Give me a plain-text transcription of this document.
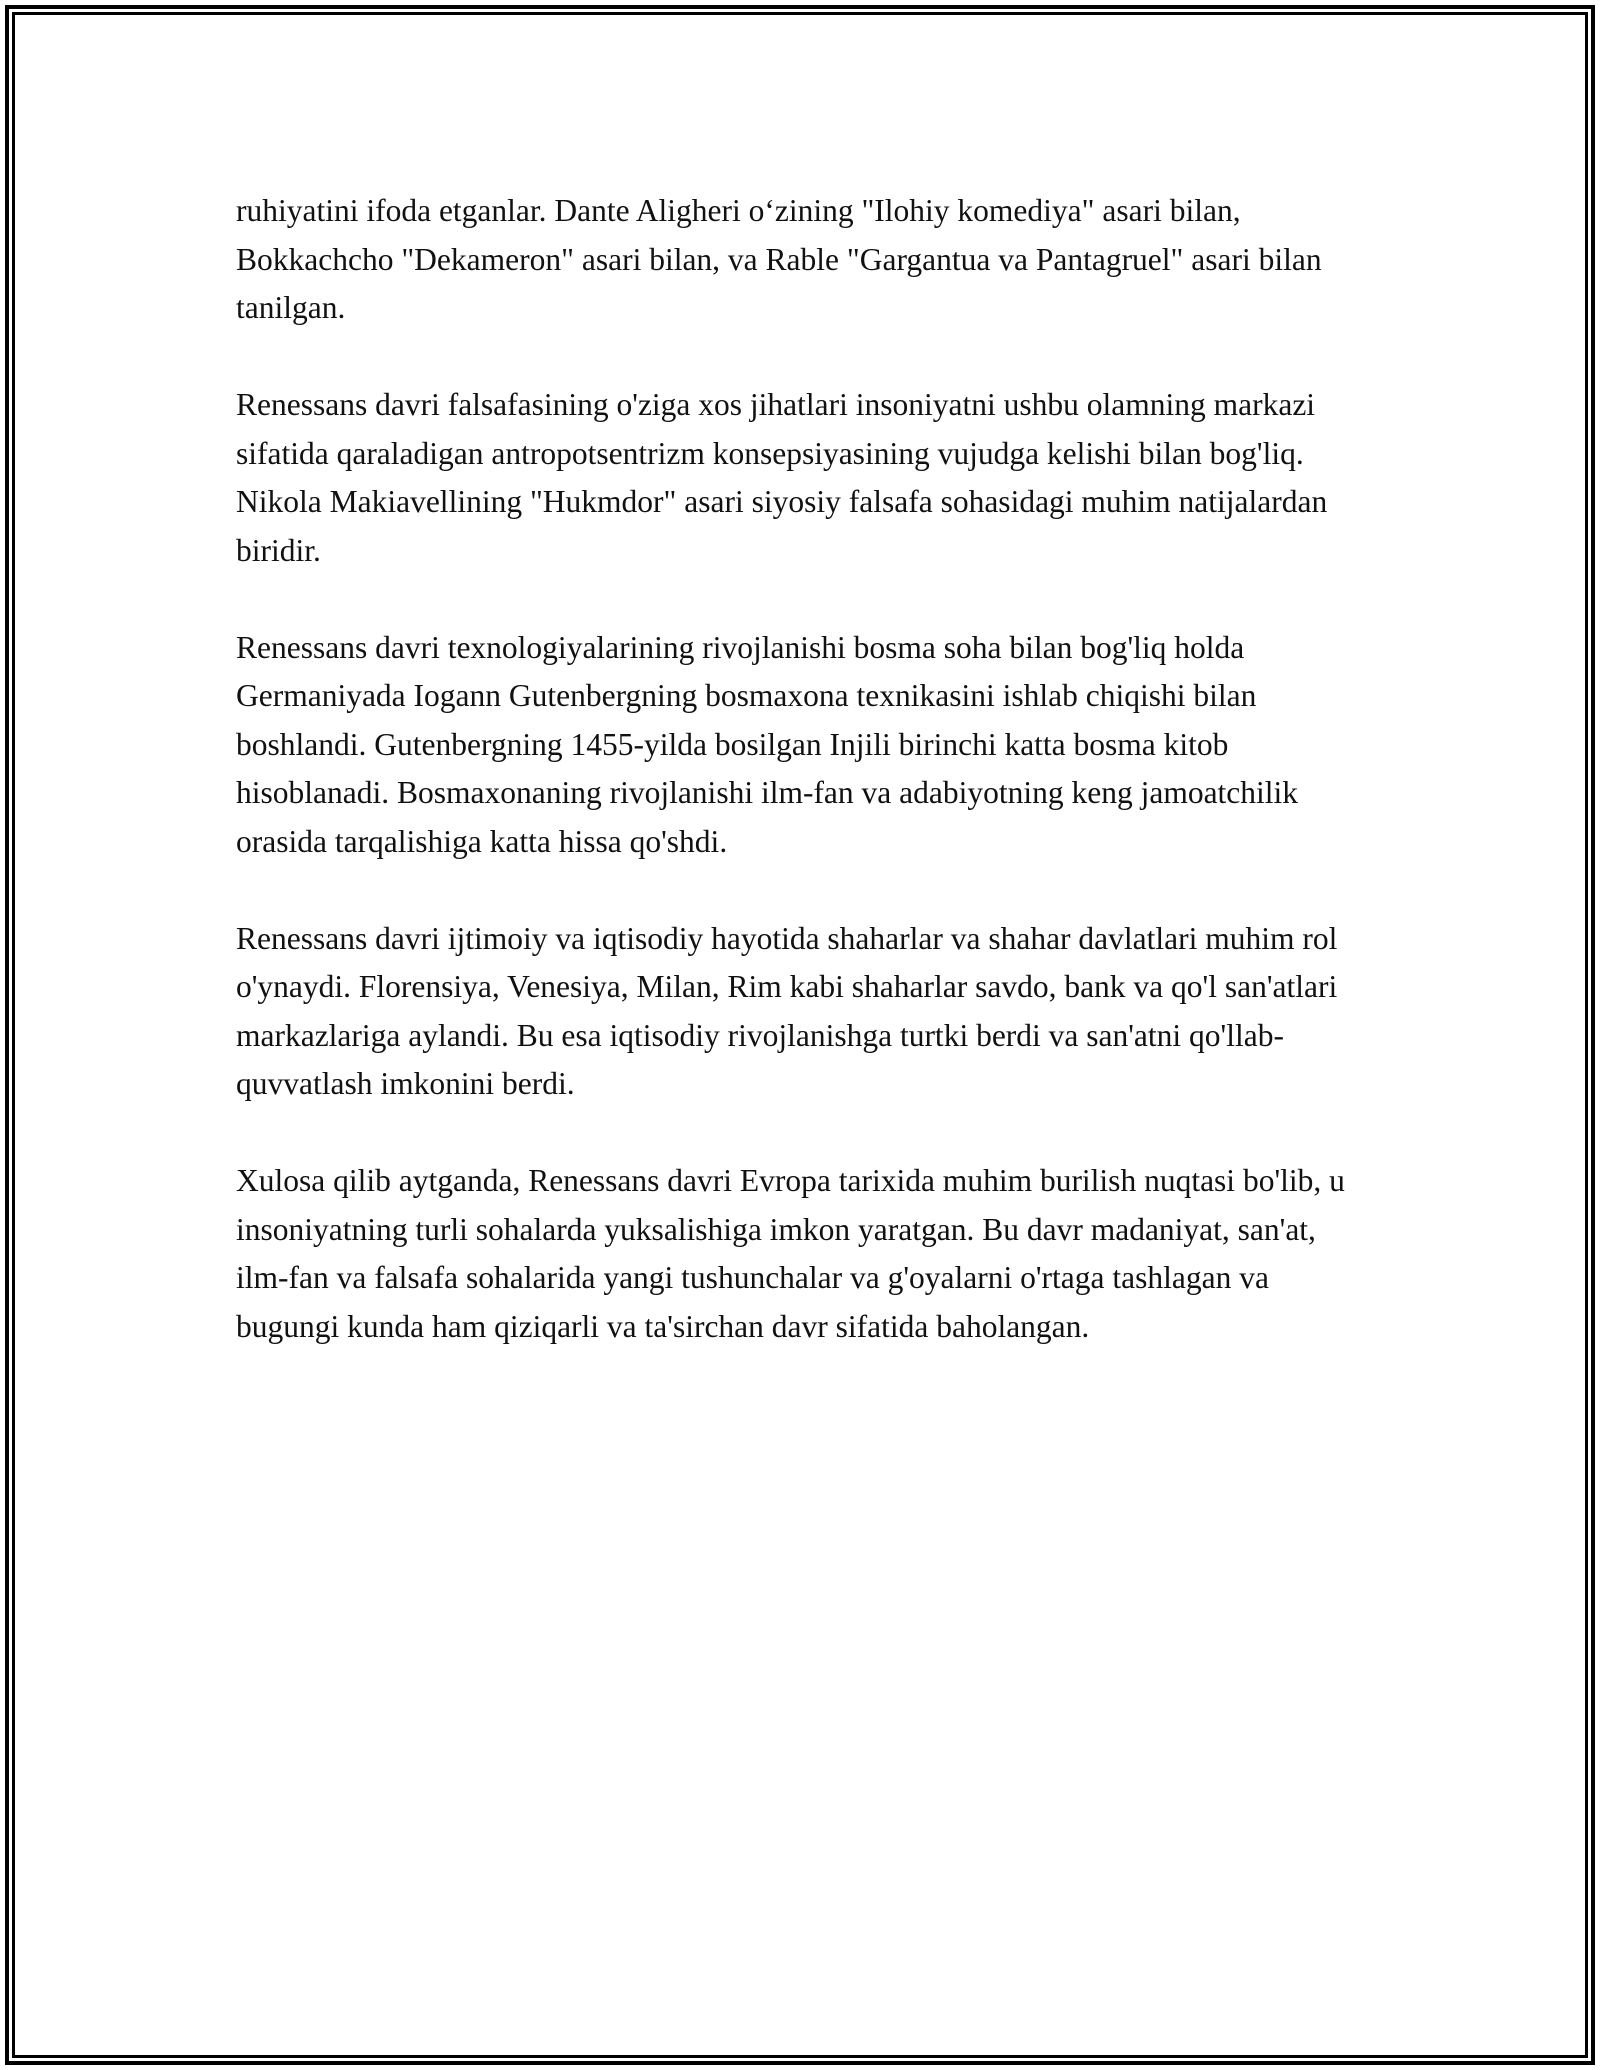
ruhiyatini ifoda etganlar. Dante Aligheri o‘zining "Ilohiy komediya" asari bilan, Bokkachcho "Dekameron" asari bilan, va Rable "Gargantua va Pantagruel" asari bilan tanilgan.

Renessans davri falsafasining o'ziga xos jihatlari insoniyatni ushbu olamning markazi sifatida qaraladigan antropotsentrizm konsepsiyasining vujudga kelishi bilan bog'liq. Nikola Makiavellining "Hukmdor" asari siyosiy falsafa sohasidagi muhim natijalardan biridir.

Renessans davri texnologiyalarining rivojlanishi bosma soha bilan bog'liq holda Germaniyada Iogann Gutenbergning bosmaxona texnikasini ishlab chiqishi bilan boshlandi. Gutenbergning 1455-yilda bosilgan Injili birinchi katta bosma kitob hisoblanadi. Bosmaxonaning rivojlanishi ilm-fan va adabiyotning keng jamoatchilik orasida tarqalishiga katta hissa qo'shdi.

Renessans davri ijtimoiy va iqtisodiy hayotida shaharlar va shahar davlatlari muhim rol o'ynaydi. Florensiya, Venesiya, Milan, Rim kabi shaharlar savdo, bank va qo'l san'atlari markazlariga aylandi. Bu esa iqtisodiy rivojlanishga turtki berdi va san'atni qo'llab-quvvatlash imkonini berdi.

Xulosa qilib aytganda, Renessans davri Evropa tarixida muhim burilish nuqtasi bo'lib, u insoniyatning turli sohalarda yuksalishiga imkon yaratgan. Bu davr madaniyat, san'at, ilm-fan va falsafa sohalarida yangi tushunchalar va g'oyalarni o'rtaga tashlagan va bugungi kunda ham qiziqarli va ta'sirchan davr sifatida baholangan.
